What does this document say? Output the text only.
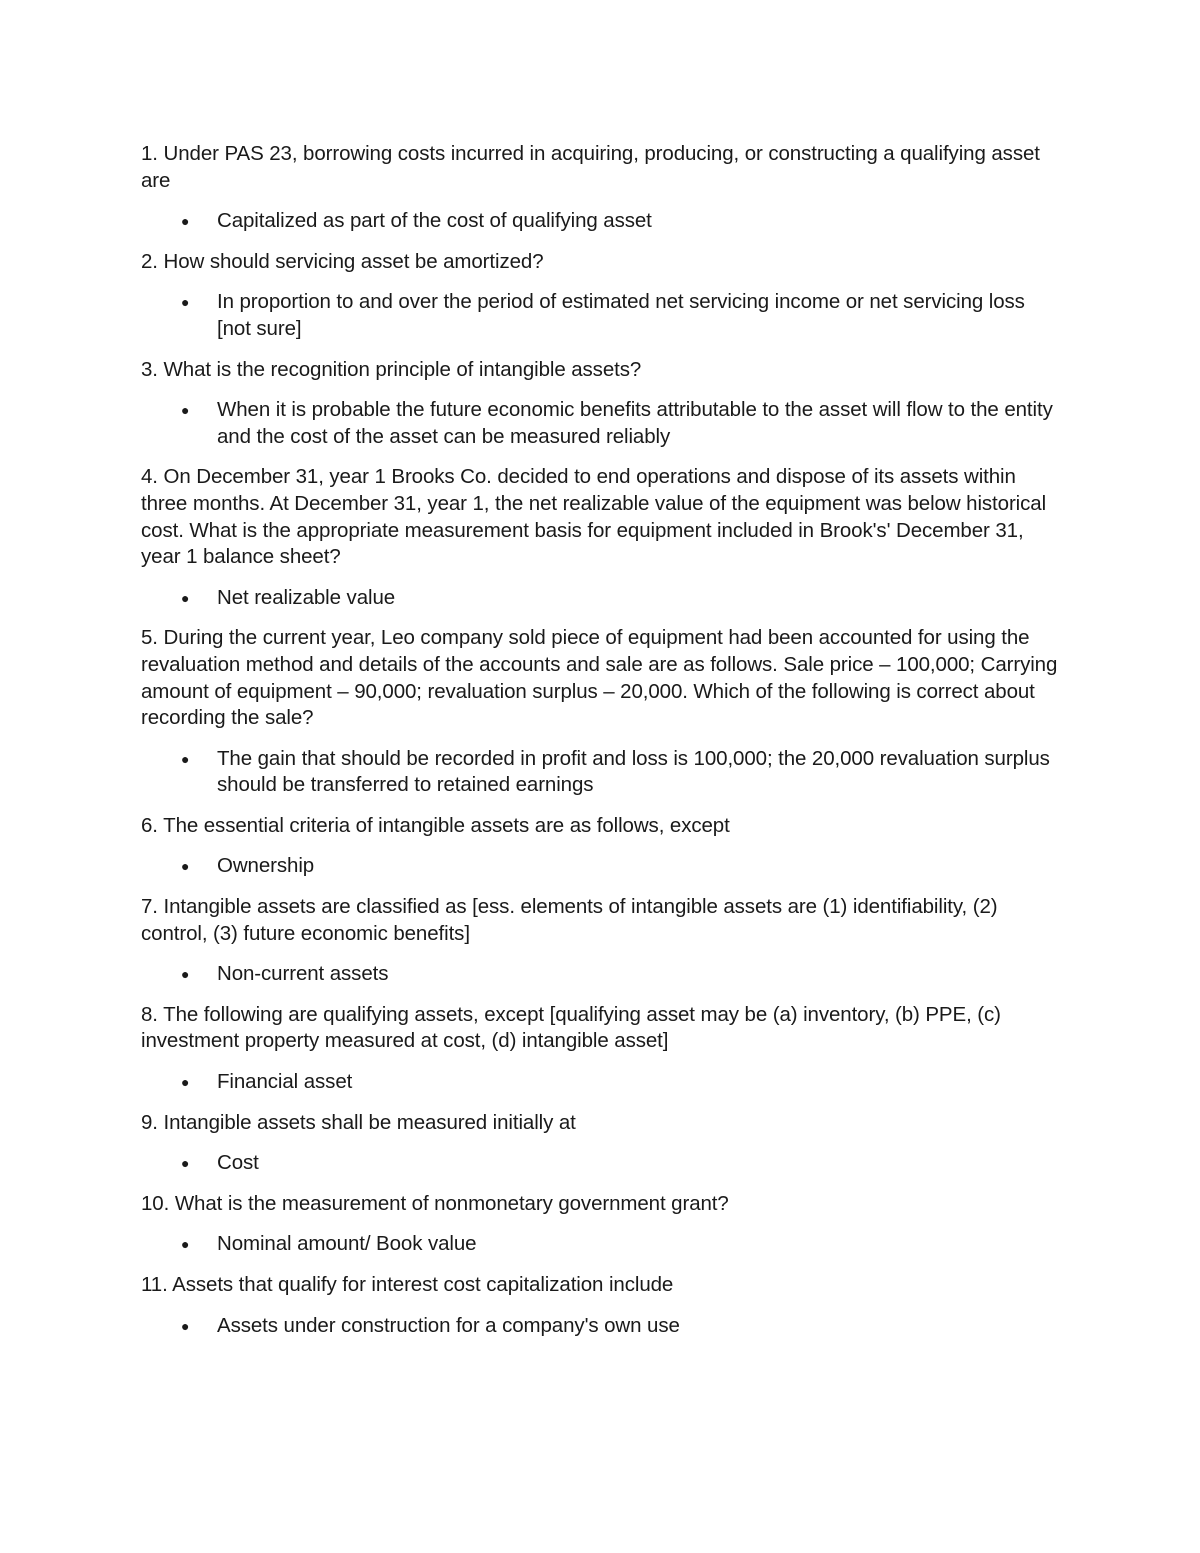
1. Under PAS 23, borrowing costs incurred in acquiring, producing, or constructing a qualifying asset are

● Capitalized as part of the cost of qualifying asset

2. How should servicing asset be amortized?

● In proportion to and over the period of estimated net servicing income or net servicing loss [not sure]

3. What is the recognition principle of intangible assets?

● When it is probable the future economic benefits attributable to the asset will flow to the entity and the cost of the asset can be measured reliably

4. On December 31, year 1 Brooks Co. decided to end operations and dispose of its assets within three months. At December 31, year 1, the net realizable value of the equipment was below historical cost. What is the appropriate measurement basis for equipment included in Brook's' December 31, year 1 balance sheet?

● Net realizable value

5. During the current year, Leo company sold piece of equipment had been accounted for using the revaluation method and details of the accounts and sale are as follows. Sale price – 100,000; Carrying amount of equipment – 90,000; revaluation surplus – 20,000. Which of the following is correct about recording the sale?

● The gain that should be recorded in profit and loss is 100,000; the 20,000 revaluation surplus should be transferred to retained earnings

6. The essential criteria of intangible assets are as follows, except

● Ownership

7. Intangible assets are classified as [ess. elements of intangible assets are (1) identifiability, (2) control, (3) future economic benefits]

● Non-current assets

8. The following are qualifying assets, except [qualifying asset may be (a) inventory, (b) PPE, (c) investment property measured at cost, (d) intangible asset]

● Financial asset

9. Intangible assets shall be measured initially at

● Cost

10. What is the measurement of nonmonetary government grant?

● Nominal amount/ Book value

11. Assets that qualify for interest cost capitalization include

● Assets under construction for a company's own use
